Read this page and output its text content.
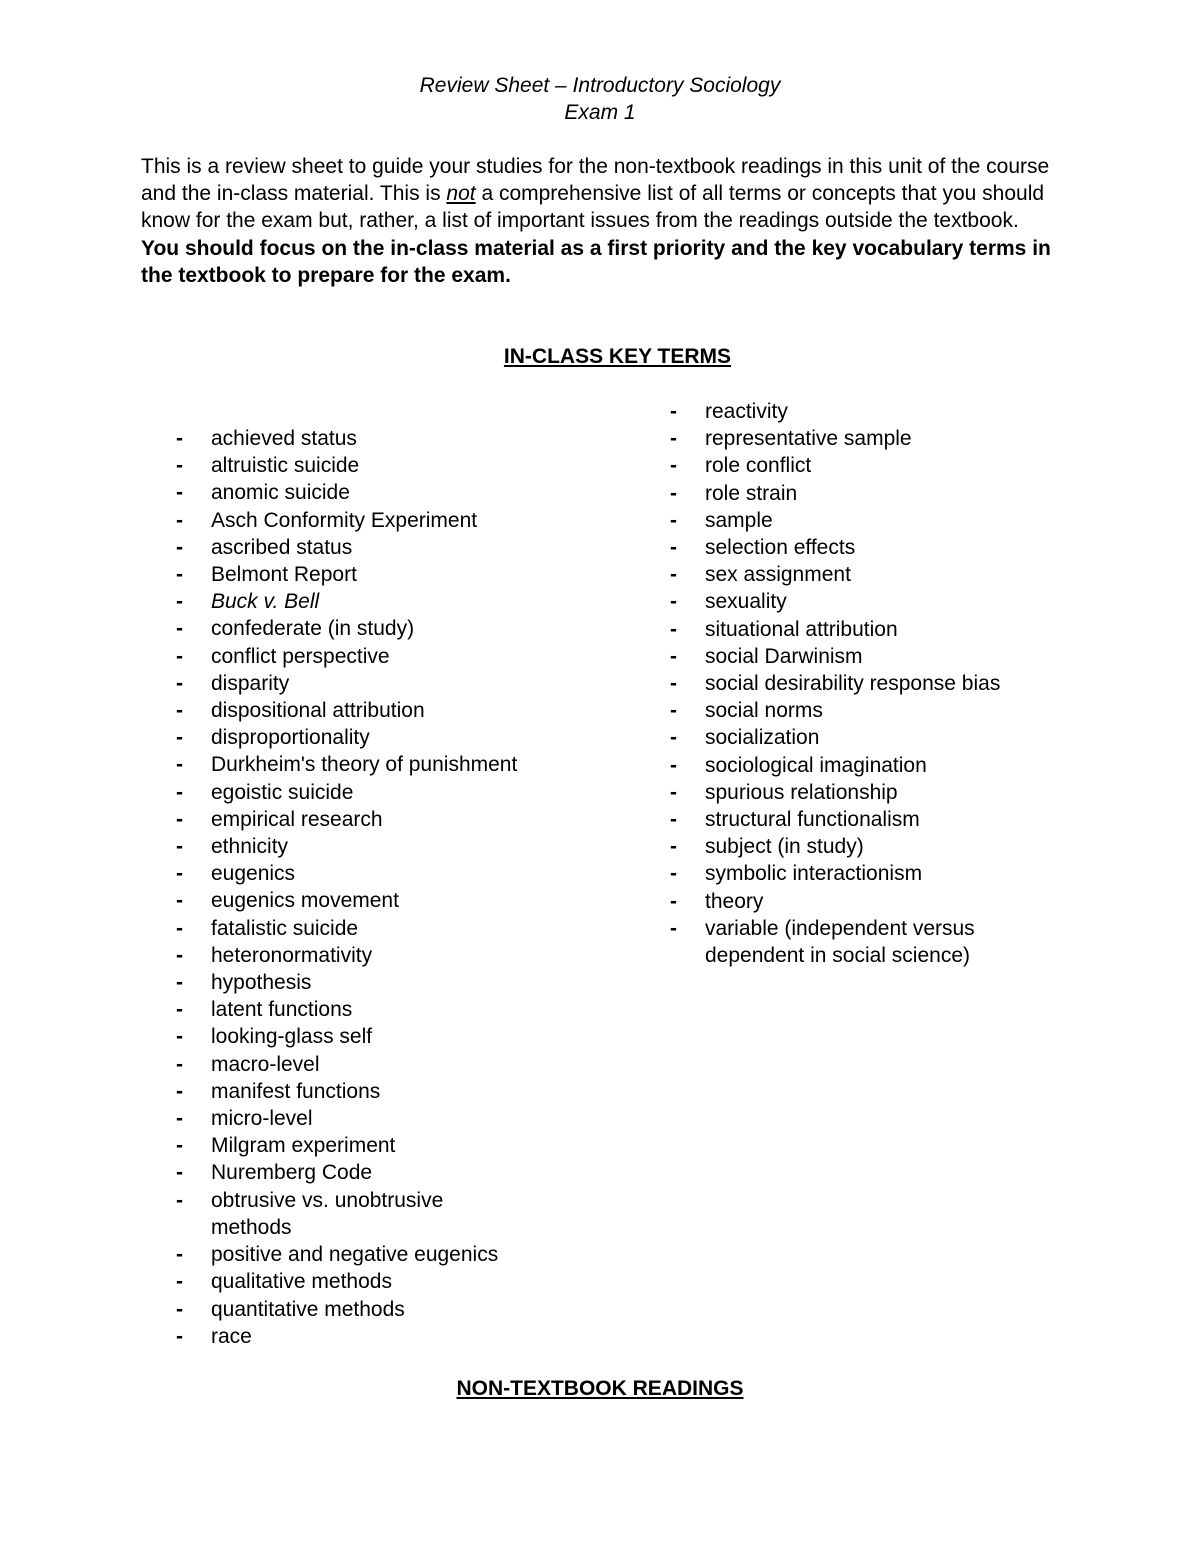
Review Sheet – Introductory Sociology
Exam 1
This is a review sheet to guide your studies for the non-textbook readings in this unit of the course and the in-class material. This is not a comprehensive list of all terms or concepts that you should know for the exam but, rather, a list of important issues from the readings outside the textbook. You should focus on the in-class material as a first priority and the key vocabulary terms in the textbook to prepare for the exam.
IN-CLASS KEY TERMS
- achieved status
- altruistic suicide
- anomic suicide
- Asch Conformity Experiment
- ascribed status
- Belmont Report
- Buck v. Bell
- confederate (in study)
- conflict perspective
- disparity
- dispositional attribution
- disproportionality
- Durkheim's theory of punishment
- egoistic suicide
- empirical research
- ethnicity
- eugenics
- eugenics movement
- fatalistic suicide
- heteronormativity
- hypothesis
- latent functions
- looking-glass self
- macro-level
- manifest functions
- micro-level
- Milgram experiment
- Nuremberg Code
- obtrusive vs. unobtrusive methods
- positive and negative eugenics
- qualitative methods
- quantitative methods
- race
- reactivity
- representative sample
- role conflict
- role strain
- sample
- selection effects
- sex assignment
- sexuality
- situational attribution
- social Darwinism
- social desirability response bias
- social norms
- socialization
- sociological imagination
- spurious relationship
- structural functionalism
- subject (in study)
- symbolic interactionism
- theory
- variable (independent versus dependent in social science)
NON-TEXTBOOK READINGS
